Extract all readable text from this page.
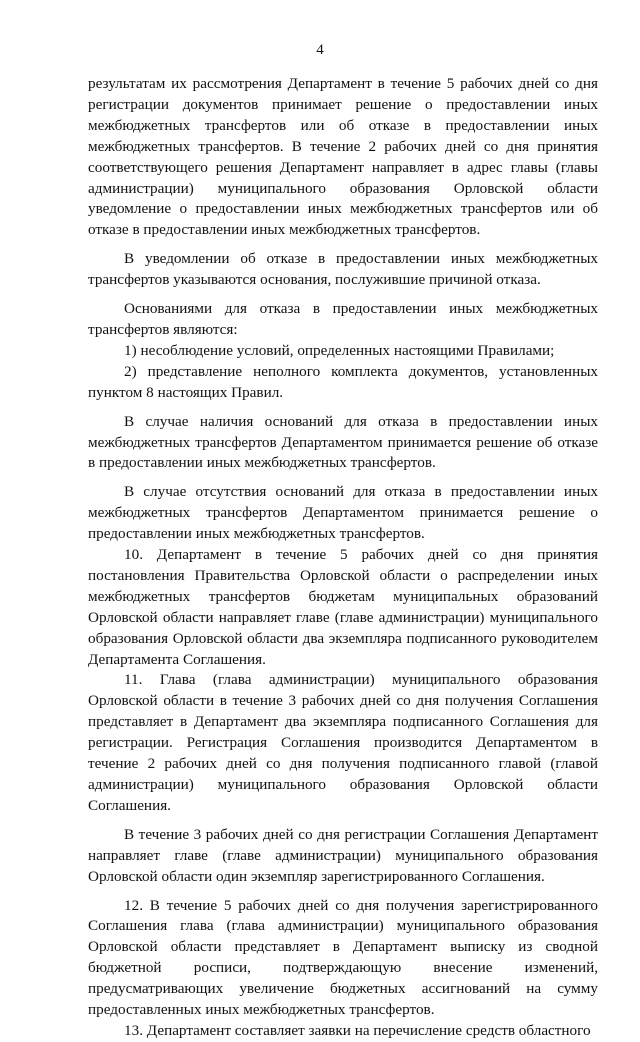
4

результатам их рассмотрения Департамент в течение 5 рабочих дней со дня регистрации документов принимает решение о предоставлении иных межбюджетных трансфертов или об отказе в предоставлении иных межбюджетных трансфертов. В течение 2 рабочих дней со дня принятия соответствующего решения Департамент направляет в адрес главы (главы администрации) муниципального образования Орловской области уведомление о предоставлении иных межбюджетных трансфертов или об отказе в предоставлении иных межбюджетных трансфертов.

В уведомлении об отказе в предоставлении иных межбюджетных трансфертов указываются основания, послужившие причиной отказа.

Основаниями для отказа в предоставлении иных межбюджетных трансфертов являются:

1) несоблюдение условий, определенных настоящими Правилами;

2) представление неполного комплекта документов, установленных пунктом 8 настоящих Правил.

В случае наличия оснований для отказа в предоставлении иных межбюджетных трансфертов Департаментом принимается решение об отказе в предоставлении иных межбюджетных трансфертов.

В случае отсутствия оснований для отказа в предоставлении иных межбюджетных трансфертов Департаментом принимается решение о предоставлении иных межбюджетных трансфертов.

10. Департамент в течение 5 рабочих дней со дня принятия постановления Правительства Орловской области о распределении иных межбюджетных трансфертов бюджетам муниципальных образований Орловской области направляет главе (главе администрации) муниципального образования Орловской области два экземпляра подписанного руководителем Департамента Соглашения.

11. Глава (глава администрации) муниципального образования Орловской области в течение 3 рабочих дней со дня получения Соглашения представляет в Департамент два экземпляра подписанного Соглашения для регистрации. Регистрация Соглашения производится Департаментом в течение 2 рабочих дней со дня получения подписанного главой (главой администрации) муниципального образования Орловской области Соглашения.

В течение 3 рабочих дней со дня регистрации Соглашения Департамент направляет главе (главе администрации) муниципального образования Орловской области один экземпляр зарегистрированного Соглашения.

12. В течение 5 рабочих дней со дня получения зарегистрированного Соглашения глава (глава администрации) муниципального образования Орловской области представляет в Департамент выписку из сводной бюджетной росписи, подтверждающую внесение изменений, предусматривающих увеличение бюджетных ассигнований на сумму предоставленных иных межбюджетных трансфертов.

13. Департамент составляет заявки на перечисление средств областного
